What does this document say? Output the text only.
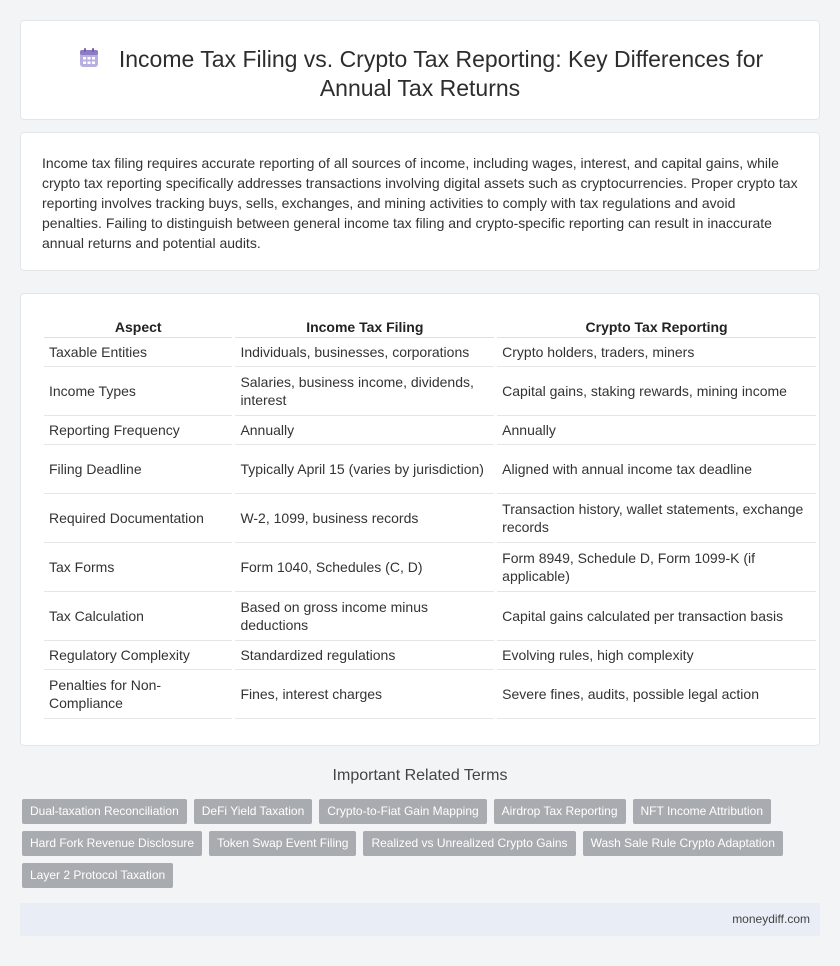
Income Tax Filing vs. Crypto Tax Reporting: Key Differences for Annual Tax Returns

Income tax filing requires accurate reporting of all sources of income, including wages, interest, and capital gains, while crypto tax reporting specifically addresses transactions involving digital assets such as cryptocurrencies. Proper crypto tax reporting involves tracking buys, sells, exchanges, and mining activities to comply with tax regulations and avoid penalties. Failing to distinguish between general income tax filing and crypto-specific reporting can result in inaccurate annual returns and potential audits.

Aspect	Income Tax Filing	Crypto Tax Reporting
Taxable Entities	Individuals, businesses, corporations	Crypto holders, traders, miners
Income Types	Salaries, business income, dividends, interest	Capital gains, staking rewards, mining income
Reporting Frequency	Annually	Annually
Filing Deadline	Typically April 15 (varies by jurisdiction)	Aligned with annual income tax deadline
Required Documentation	W-2, 1099, business records	Transaction history, wallet statements, exchange records
Tax Forms	Form 1040, Schedules (C, D)	Form 8949, Schedule D, Form 1099-K (if applicable)
Tax Calculation	Based on gross income minus deductions	Capital gains calculated per transaction basis
Regulatory Complexity	Standardized regulations	Evolving rules, high complexity
Penalties for Non-Compliance	Fines, interest charges	Severe fines, audits, possible legal action
Important Related Terms
Dual-taxation Reconciliation	DeFi Yield Taxation	Crypto-to-Fiat Gain Mapping	Airdrop Tax Reporting	NFT Income Attribution
Hard Fork Revenue Disclosure	Token Swap Event Filing	Realized vs Unrealized Crypto Gains	Wash Sale Rule Crypto Adaptation
Layer 2 Protocol Taxation
moneydiff.com
